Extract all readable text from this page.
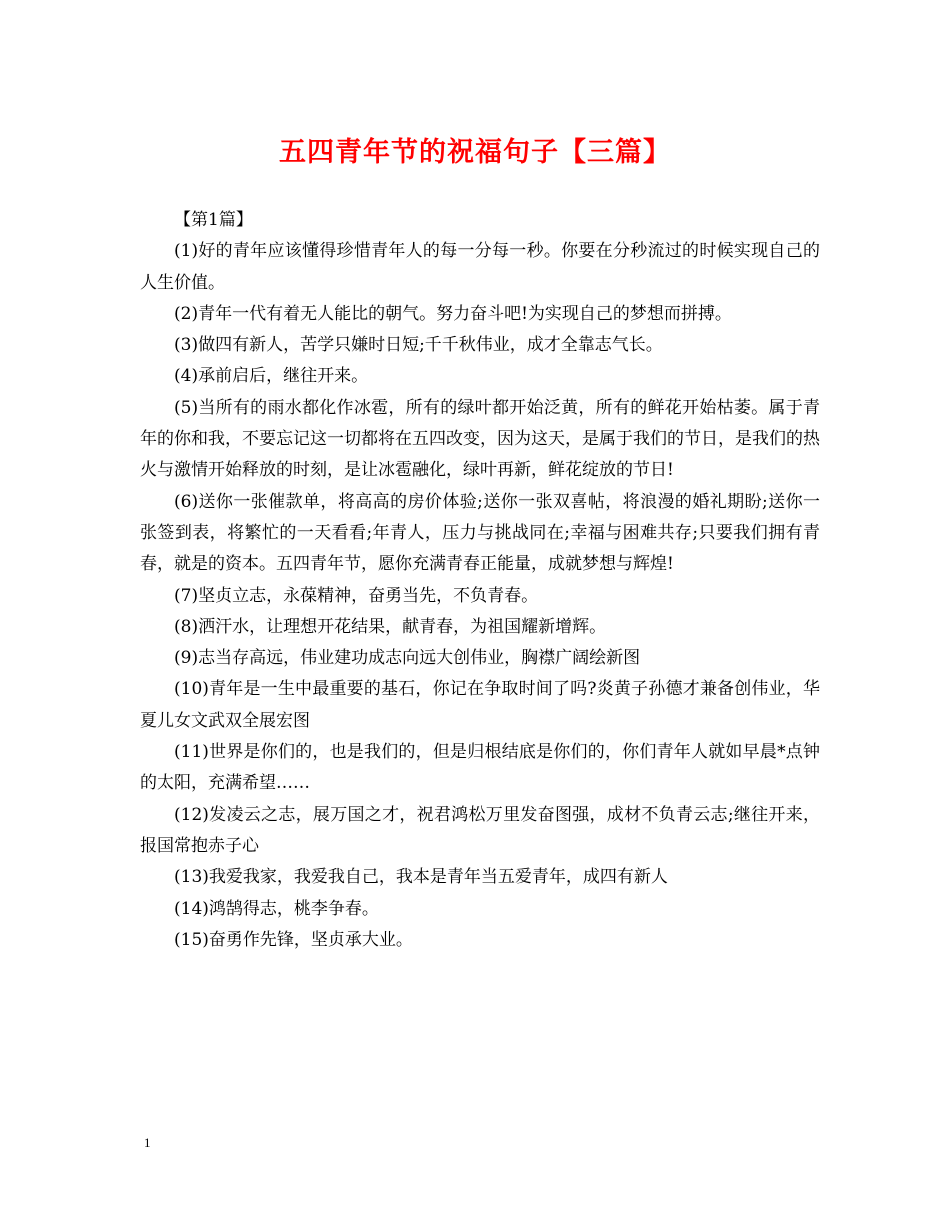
五四青年节的祝福句子【三篇】

【第1篇】

(1)好的青年应该懂得珍惜青年人的每一分每一秒。你要在分秒流过的时候实现自己的人生价值。

(2)青年一代有着无人能比的朝气。努力奋斗吧!为实现自己的梦想而拼搏。

(3)做四有新人，苦学只嫌时日短;千千秋伟业，成才全靠志气长。

(4)承前启后，继往开来。

(5)当所有的雨水都化作冰雹，所有的绿叶都开始泛黄，所有的鲜花开始枯萎。属于青年的你和我，不要忘记这一切都将在五四改变，因为这天，是属于我们的节日，是我们的热火与激情开始释放的时刻，是让冰雹融化，绿叶再新，鲜花绽放的节日!

(6)送你一张催款单，将高高的房价体验;送你一张双喜帖，将浪漫的婚礼期盼;送你一张签到表，将繁忙的一天看看;年青人，压力与挑战同在;幸福与困难共存;只要我们拥有青春，就是的资本。五四青年节，愿你充满青春正能量，成就梦想与辉煌!

(7)坚贞立志，永葆精神，奋勇当先，不负青春。

(8)洒汗水，让理想开花结果，献青春，为祖国耀新增辉。

(9)志当存高远，伟业建功成志向远大创伟业，胸襟广阔绘新图

(10)青年是一生中最重要的基石，你记在争取时间了吗?炎黄子孙德才兼备创伟业，华夏儿女文武双全展宏图

(11)世界是你们的，也是我们的，但是归根结底是你们的，你们青年人就如早晨*点钟的太阳，充满希望……

(12)发凌云之志，展万国之才，祝君鸿松万里发奋图强，成材不负青云志;继往开来，报国常抱赤子心

(13)我爱我家，我爱我自己，我本是青年当五爱青年，成四有新人

(14)鸿鹄得志，桃李争春。

(15)奋勇作先锋，坚贞承大业。

1
